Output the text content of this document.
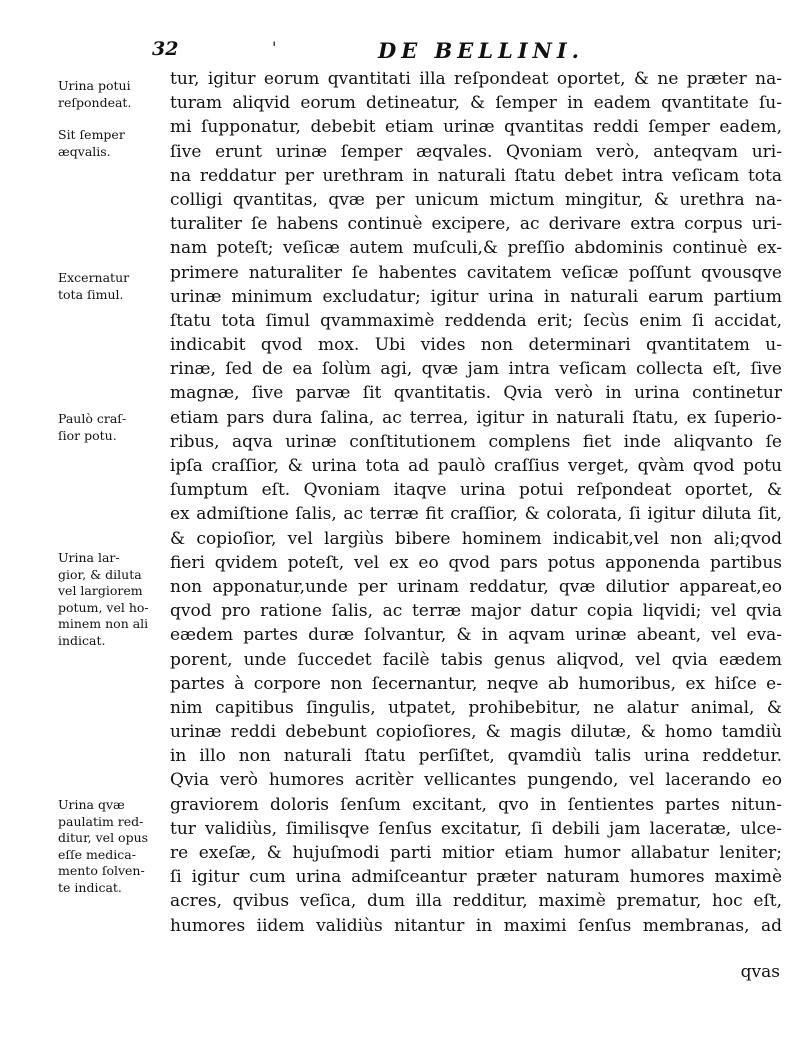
32	'	DE BELLINI.
Urina potui
reſpondeat.
Sit ſemper
æqvalis.
Excernatur
tota ſimul.
Paulò craſ-
ſior potu.
Urina lar-
gior, & diluta
vel largiorem
potum, vel ho-
minem non ali
indicat.
Urina qvæ
paulatim red-
ditur, vel opus
eſſe medica-
mento ſolven-
te indicat.
tur, igitur eorum qvantitati illa reſpondeat oportet, & ne præter na-
turam aliqvid eorum detineatur, & ſemper in eadem qvantitate ſu-
mi ſupponatur, debebit etiam urinæ qvantitas reddi ſemper eadem,
ſive erunt urinæ ſemper æqvales. Qvoniam verò, anteqvam uri-
na reddatur per urethram in naturali ſtatu debet intra veſicam tota
colligi qvantitas, qvæ per unicum mictum mingitur, & urethra na-
turaliter ſe habens continuè excipere, ac derivare extra corpus uri-
nam poteſt; veſicæ autem muſculi,& preſſio abdominis continuè ex-
primere naturaliter ſe habentes cavitatem veſicæ poſſunt qvousqve
urinæ minimum excludatur; igitur urina in naturali earum partium
ſtatu tota ſimul qvammaximè reddenda erit; ſecùs enim ſi accidat,
indicabit qvod mox. Ubi vides non determinari qvantitatem u-
rinæ, ſed de ea ſolùm agi, qvæ jam intra veſicam collecta eſt, ſive
magnæ, ſive parvæ ſit qvantitatis. Qvia verò in urina continetur
etiam pars dura ſalina, ac terrea, igitur in naturali ſtatu, ex ſuperio-
ribus, aqva urinæ conſtitutionem complens fiet inde aliqvanto ſe
ipſa craſſior, & urina tota ad paulò craſſius verget, qvàm qvod potu
ſumptum eſt. Qvoniam itaqve urina potui reſpondeat oportet, &
ex admiſtione ſalis, ac terræ fit craſſior, & colorata, ſi igitur diluta ſit,
& copioſior, vel largiùs bibere hominem indicabit,vel non ali;qvod
fieri qvidem poteſt, vel ex eo qvod pars potus apponenda partibus
non apponatur,unde per urinam reddatur, qvæ dilutior appareat,eo
qvod pro ratione ſalis, ac terræ major datur copia liqvidi; vel qvia
eædem partes duræ ſolvantur, & in aqvam urinæ abeant, vel eva-
porent, unde ſuccedet facilè tabis genus aliqvod, vel qvia eædem
partes à corpore non ſecernantur, neqve ab humoribus, ex hiſce e-
nim capitibus ſingulis, utpatet, prohibebitur, ne alatur animal, &
urinæ reddi debebunt copioſiores, & magis dilutæ, & homo tamdiù
in illo non naturali ſtatu perſiſtet, qvamdiù talis urina reddetur.
Qvia verò humores acritèr vellicantes pungendo, vel lacerando eo
graviorem doloris ſenſum excitant, qvo in ſentientes partes nitun-
tur validiùs, ſimilisqve ſenſus excitatur, ſi debili jam laceratæ, ulce-
re exeſæ, & hujuſmodi parti mitior etiam humor allabatur leniter;
ſi igitur cum urina admiſceantur præter naturam humores maximè
acres, qvibus veſica, dum illa redditur, maximè prematur, hoc eſt,
humores iidem validiùs nitantur in maximi ſenſus membranas, ad
qvas
